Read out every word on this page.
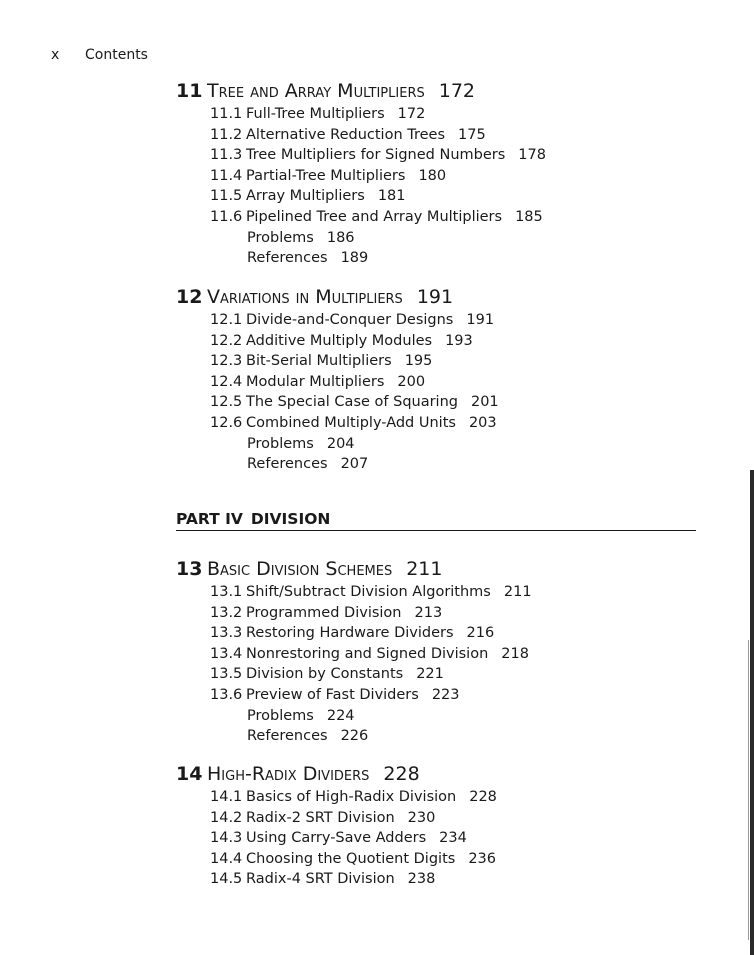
x Contents
11 Tree and Array Multipliers 172
11.1 Full-Tree Multipliers 172
11.2 Alternative Reduction Trees 175
11.3 Tree Multipliers for Signed Numbers 178
11.4 Partial-Tree Multipliers 180
11.5 Array Multipliers 181
11.6 Pipelined Tree and Array Multipliers 185
Problems 186
References 189
12 Variations in Multipliers 191
12.1 Divide-and-Conquer Designs 191
12.2 Additive Multiply Modules 193
12.3 Bit-Serial Multipliers 195
12.4 Modular Multipliers 200
12.5 The Special Case of Squaring 201
12.6 Combined Multiply-Add Units 203
Problems 204
References 207
PART IV DIVISION
13 Basic Division Schemes 211
13.1 Shift/Subtract Division Algorithms 211
13.2 Programmed Division 213
13.3 Restoring Hardware Dividers 216
13.4 Nonrestoring and Signed Division 218
13.5 Division by Constants 221
13.6 Preview of Fast Dividers 223
Problems 224
References 226
14 High-Radix Dividers 228
14.1 Basics of High-Radix Division 228
14.2 Radix-2 SRT Division 230
14.3 Using Carry-Save Adders 234
14.4 Choosing the Quotient Digits 236
14.5 Radix-4 SRT Division 238
